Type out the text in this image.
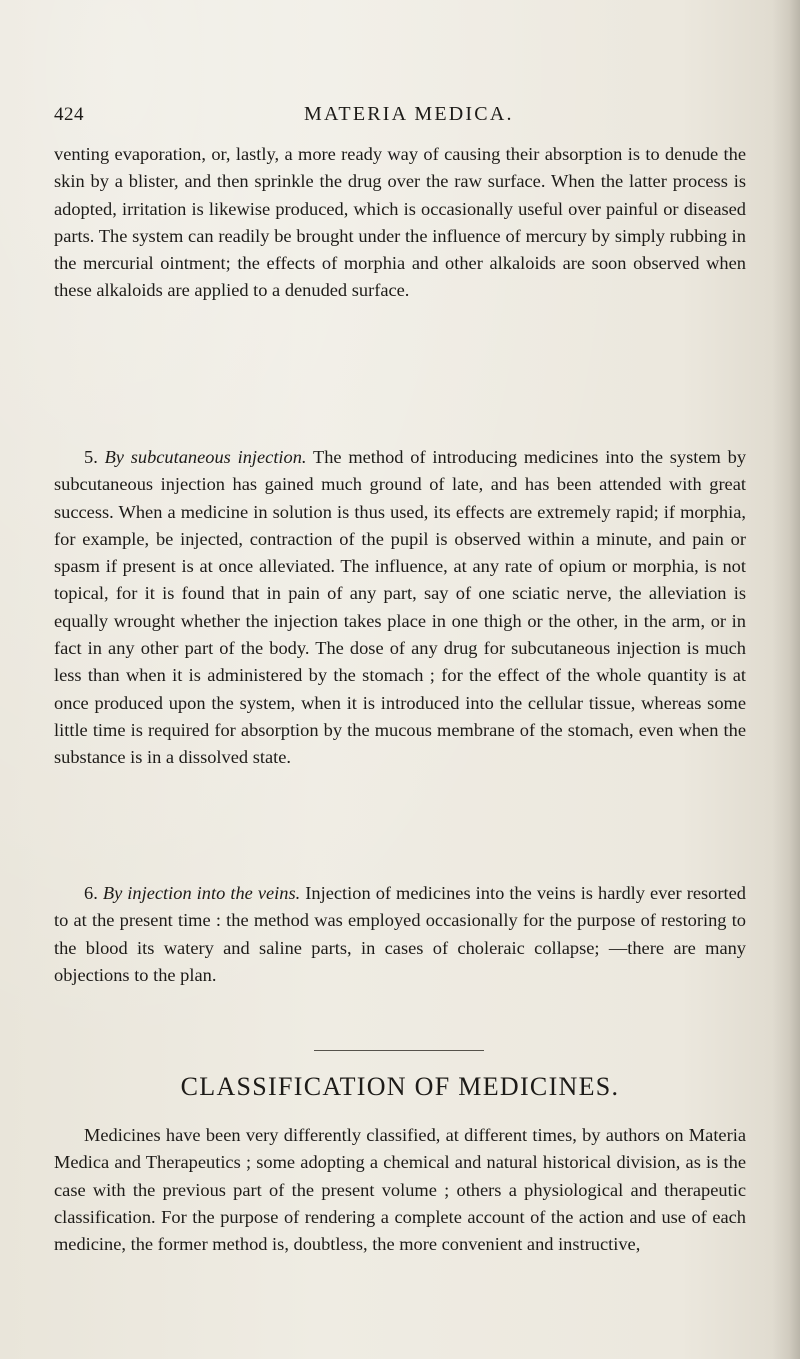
424	MATERIA MEDICA.

venting evaporation, or, lastly, a more ready way of causing their absorption is to denude the skin by a blister, and then sprinkle the drug over the raw surface. When the latter process is adopted, irritation is likewise produced, which is occasionally useful over painful or diseased parts. The system can readily be brought under the influence of mercury by simply rubbing in the mercurial ointment; the effects of morphia and other alkaloids are soon observed when these alkaloids are applied to a denuded surface.

5. By subcutaneous injection. The method of introducing medicines into the system by subcutaneous injection has gained much ground of late, and has been attended with great success. When a medicine in solution is thus used, its effects are extremely rapid; if morphia, for example, be injected, contraction of the pupil is observed within a minute, and pain or spasm if present is at once alleviated. The influence, at any rate of opium or morphia, is not topical, for it is found that in pain of any part, say of one sciatic nerve, the alleviation is equally wrought whether the injection takes place in one thigh or the other, in the arm, or in fact in any other part of the body. The dose of any drug for subcutaneous injection is much less than when it is administered by the stomach ; for the effect of the whole quantity is at once produced upon the system, when it is introduced into the cellular tissue, whereas some little time is required for absorption by the mucous membrane of the stomach, even when the substance is in a dissolved state.

6. By injection into the veins. Injection of medicines into the veins is hardly ever resorted to at the present time : the method was employed occasionally for the purpose of restoring to the blood its watery and saline parts, in cases of choleraic collapse; —there are many objections to the plan.

CLASSIFICATION OF MEDICINES.

Medicines have been very differently classified, at different times, by authors on Materia Medica and Therapeutics ; some adopting a chemical and natural historical division, as is the case with the previous part of the present volume ; others a physiological and therapeutic classification. For the purpose of rendering a complete account of the action and use of each medicine, the former method is, doubtless, the more convenient and instructive,
